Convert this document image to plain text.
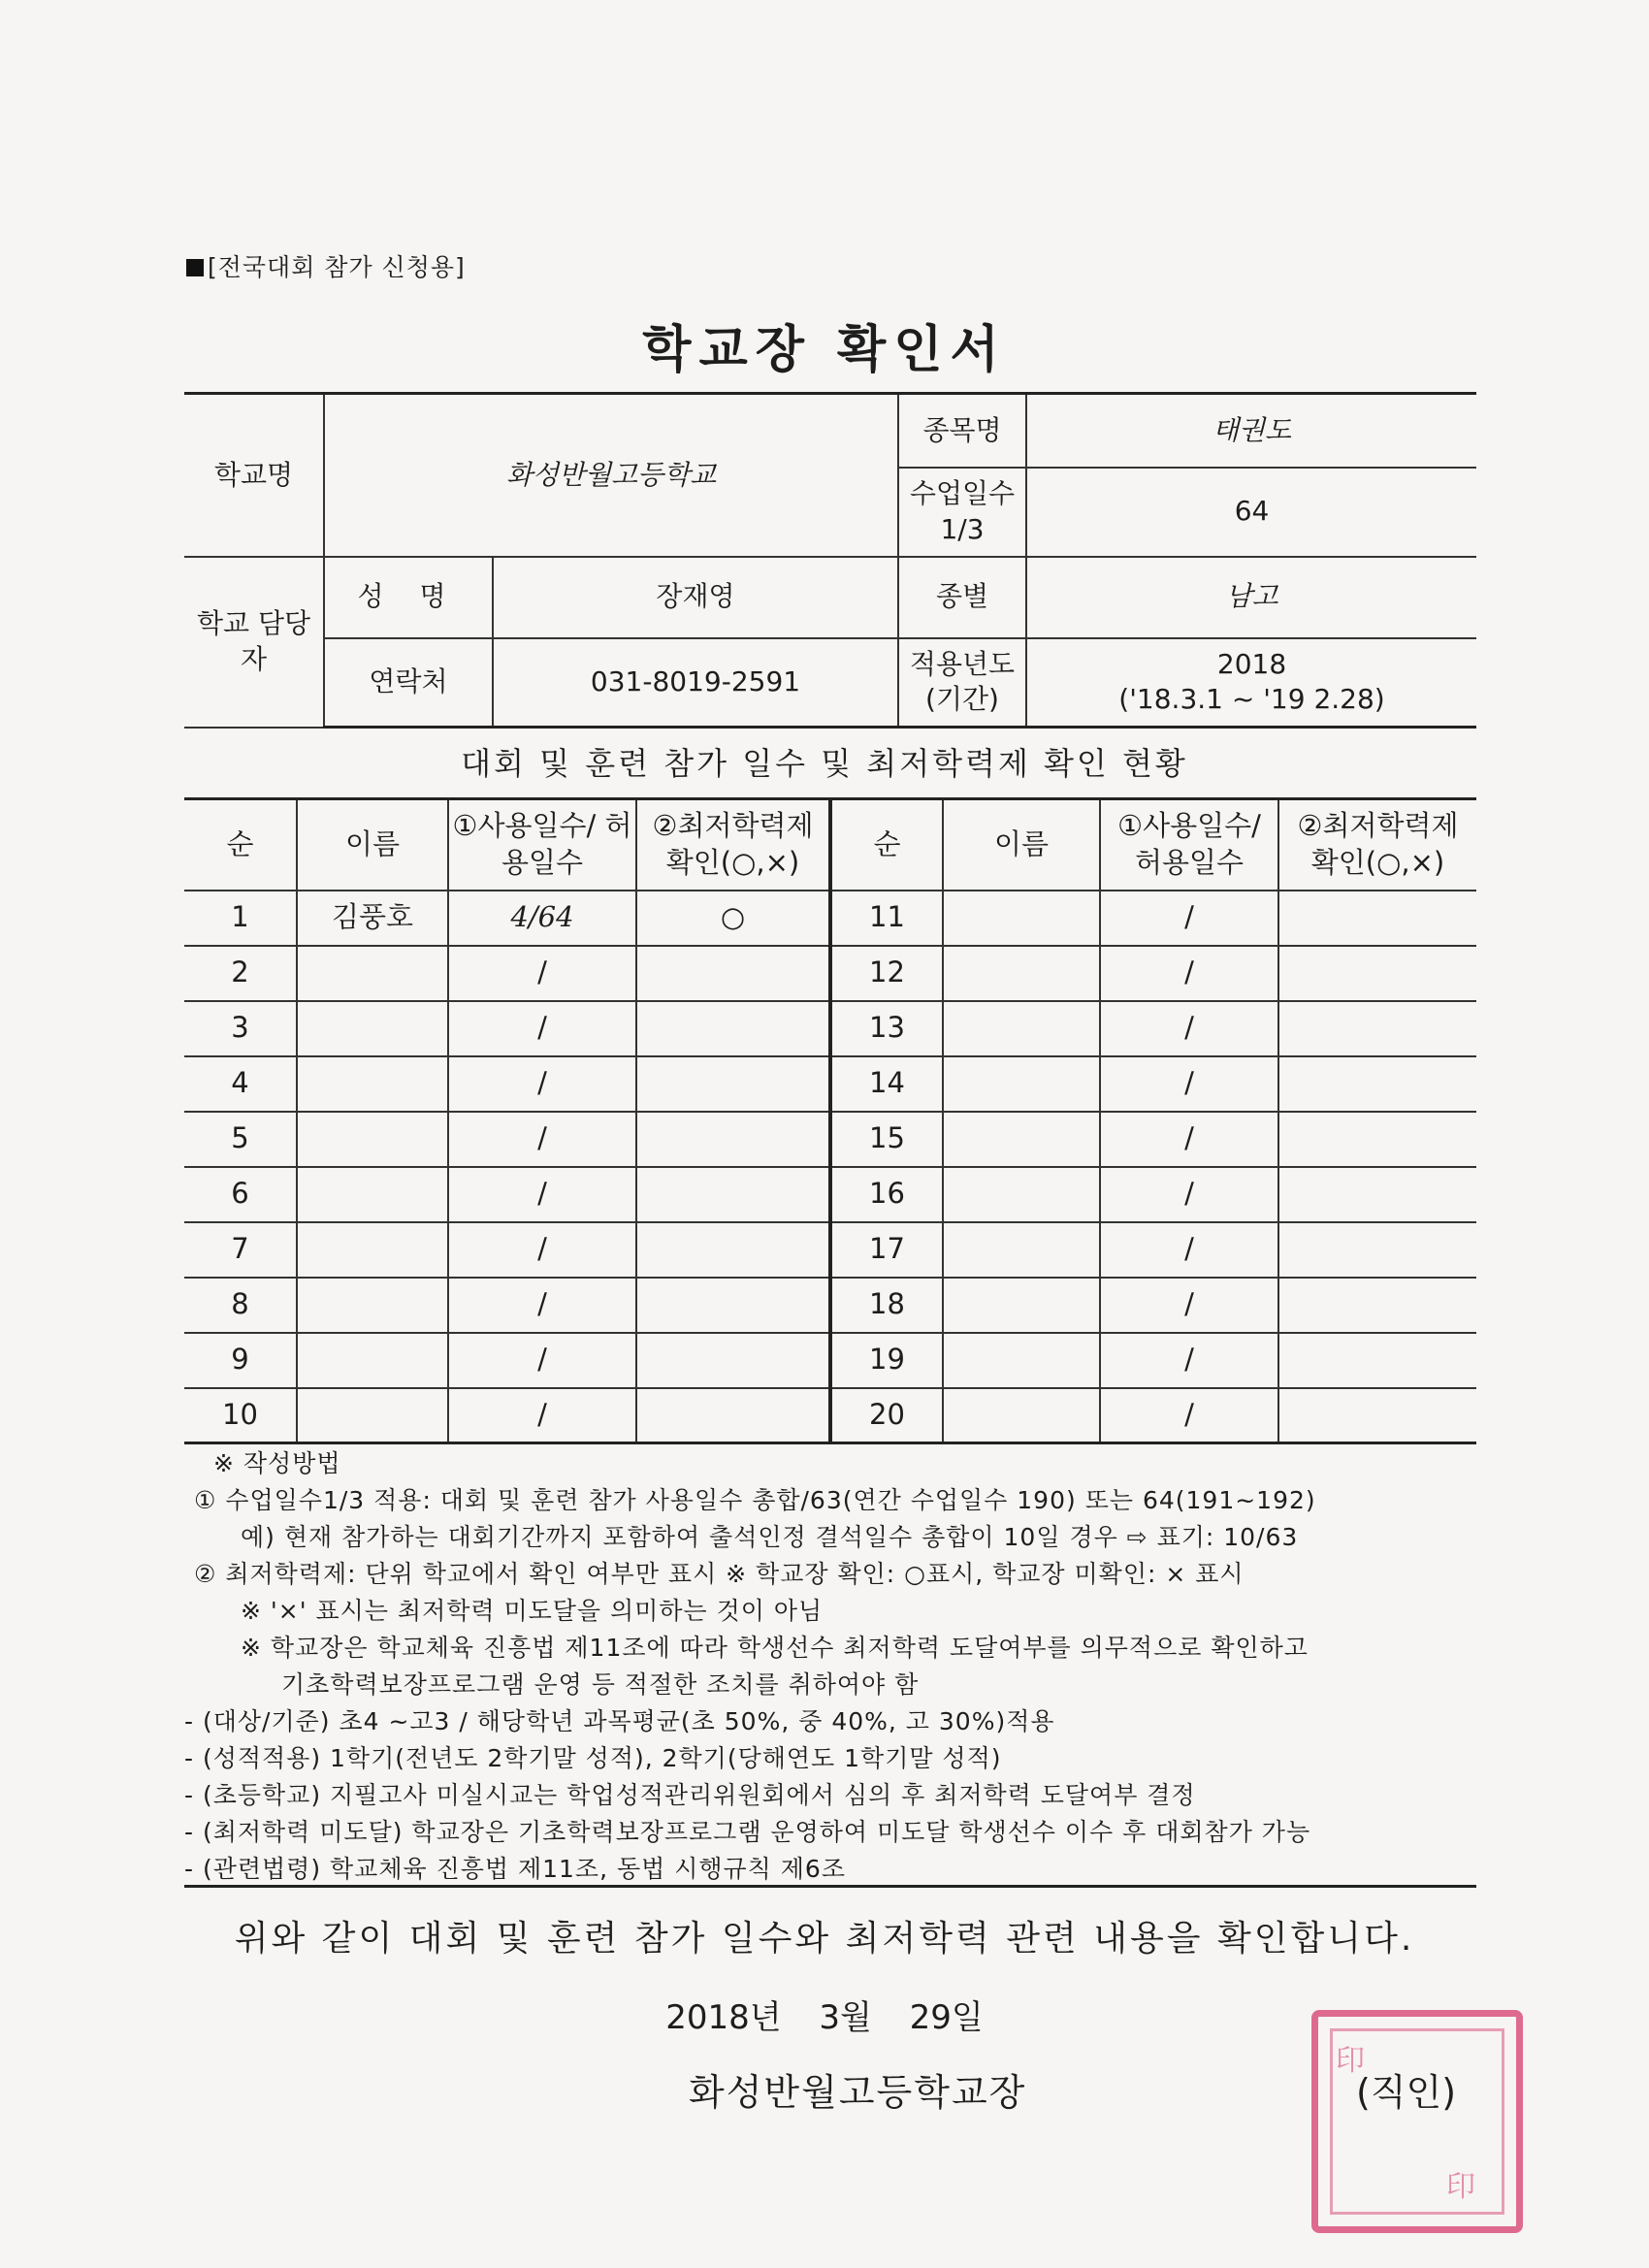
[전국대회 참가 신청용]
학교장 확인서
학교명	화성반월고등학교		종목명	태권도
			수업일수 1/3	64
학교 담당자	성 명	장재영	종별	남고
	연락처	031-8019-2591	적용년도 (기간)	2018
('18.3.1 ~ '19 2.28)
대회 및 훈련 참가 일수 및 최저학력제 확인 현황
순	이름	①사용일수/ 허용일수	②최저학력제 확인(○,×)	순	이름	①사용일수/ 허용일수	②최저학력제 확인(○,×)
1	김풍호	4/64	○	11		/	
2		/		12		/	
3		/		13		/	
4		/		14		/	
5		/		15		/	
6		/		16		/	
7		/		17		/	
8		/		18		/	
9		/		19		/	
10		/		20		/	
※ 작성방법
① 수업일수1/3 적용: 대회 및 훈련 참가 사용일수 총합/63(연간 수업일수 190) 또는 64(191~192)
예) 현재 참가하는 대회기간까지 포함하여 출석인정 결석일수 총합이 10일 경우 ⇨ 표기: 10/63
② 최저학력제: 단위 학교에서 확인 여부만 표시 ※ 학교장 확인: ○표시, 학교장 미확인: × 표시
※ '×' 표시는 최저학력 미도달을 의미하는 것이 아님
※ 학교장은 학교체육 진흥법 제11조에 따라 학생선수 최저학력 도달여부를 의무적으로 확인하고
기초학력보장프로그램 운영 등 적절한 조치를 취하여야 함
- (대상/기준) 초4 ~고3 / 해당학년 과목평균(초 50%, 중 40%, 고 30%)적용
- (성적적용) 1학기(전년도 2학기말 성적), 2학기(당해연도 1학기말 성적)
- (초등학교) 지필고사 미실시교는 학업성적관리위원회에서 심의 후 최저학력 도달여부 결정
- (최저학력 미도달) 학교장은 기초학력보장프로그램 운영하여 미도달 학생선수 이수 후 대회참가 가능
- (관련법령) 학교체육 진흥법 제11조, 동법 시행규칙 제6조
위와 같이 대회 및 훈련 참가 일수와 최저학력 관련 내용을 확인합니다.
2018년 3월 29일
화성반월고등학교장
印
印
(직인)
